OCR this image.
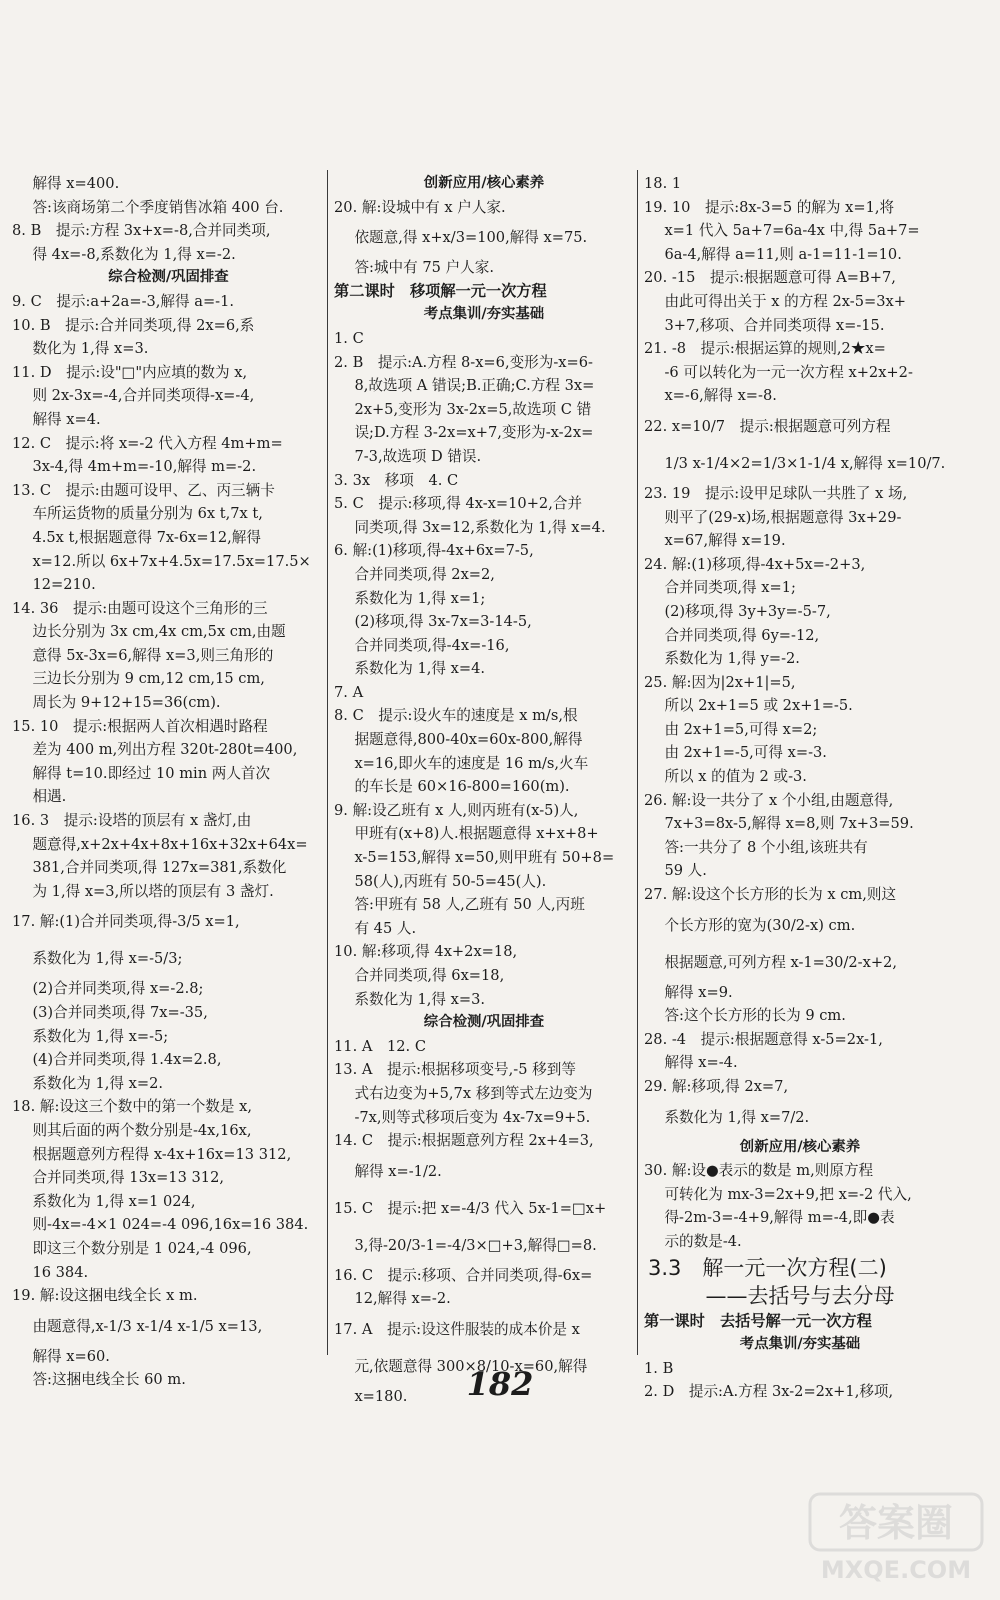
解得 x=400.
答:该商场第二个季度销售冰箱 400 台.
8. B　提示:方程 3x+x=-8,合并同类项,
得 4x=-8,系数化为 1,得 x=-2.
综合检测/巩固排查
9. C　提示:a+2a=-3,解得 a=-1.
10. B　提示:合并同类项,得 2x=6,系
数化为 1,得 x=3.
11. D　提示:设"□"内应填的数为 x,
则 2x-3x=-4,合并同类项得-x=-4,
解得 x=4.
12. C　提示:将 x=-2 代入方程 4m+m=
3x-4,得 4m+m=-10,解得 m=-2.
13. C　提示:由题可设甲、乙、丙三辆卡
车所运货物的质量分别为 6x t,7x t,
4.5x t,根据题意得 7x-6x=12,解得
x=12.所以 6x+7x+4.5x=17.5x=17.5×
12=210.
14. 36　提示:由题可设这个三角形的三
边长分别为 3x cm,4x cm,5x cm,由题
意得 5x-3x=6,解得 x=3,则三角形的
三边长分别为 9 cm,12 cm,15 cm,
周长为 9+12+15=36(cm).
15. 10　提示:根据两人首次相遇时路程
差为 400 m,列出方程 320t-280t=400,
解得 t=10.即经过 10 min 两人首次
相遇.
16. 3　提示:设塔的顶层有 x 盏灯,由
题意得,x+2x+4x+8x+16x+32x+64x=
381,合并同类项,得 127x=381,系数化
为 1,得 x=3,所以塔的顶层有 3 盏灯.
17. 解:(1)合并同类项,得-3/5 x=1,
系数化为 1,得 x=-5/3;
(2)合并同类项,得 x=-2.8;
(3)合并同类项,得 7x=-35,
系数化为 1,得 x=-5;
(4)合并同类项,得 1.4x=2.8,
系数化为 1,得 x=2.
18. 解:设这三个数中的第一个数是 x,
则其后面的两个数分别是-4x,16x,
根据题意列方程得 x-4x+16x=13 312,
合并同类项,得 13x=13 312,
系数化为 1,得 x=1 024,
则-4x=-4×1 024=-4 096,16x=16 384.
即这三个数分别是 1 024,-4 096,
16 384.
19. 解:设这捆电线全长 x m.
由题意得,x-1/3 x-1/4 x-1/5 x=13,
解得 x=60.
答:这捆电线全长 60 m.
创新应用/核心素养
20. 解:设城中有 x 户人家.
依题意,得 x+x/3=100,解得 x=75.
答:城中有 75 户人家.
第二课时　移项解一元一次方程
考点集训/夯实基础
1. C
2. B　提示:A.方程 8-x=6,变形为-x=6-
8,故选项 A 错误;B.正确;C.方程 3x=
2x+5,变形为 3x-2x=5,故选项 C 错
误;D.方程 3-2x=x+7,变形为-x-2x=
7-3,故选项 D 错误.
3. 3x　移项　4. C
5. C　提示:移项,得 4x-x=10+2,合并
同类项,得 3x=12,系数化为 1,得 x=4.
6. 解:(1)移项,得-4x+6x=7-5,
合并同类项,得 2x=2,
系数化为 1,得 x=1;
(2)移项,得 3x-7x=3-14-5,
合并同类项,得-4x=-16,
系数化为 1,得 x=4.
7. A
8. C　提示:设火车的速度是 x m/s,根
据题意得,800-40x=60x-800,解得
x=16,即火车的速度是 16 m/s,火车
的车长是 60×16-800=160(m).
9. 解:设乙班有 x 人,则丙班有(x-5)人,
甲班有(x+8)人.根据题意得 x+x+8+
x-5=153,解得 x=50,则甲班有 50+8=
58(人),丙班有 50-5=45(人).
答:甲班有 58 人,乙班有 50 人,丙班
有 45 人.
10. 解:移项,得 4x+2x=18,
合并同类项,得 6x=18,
系数化为 1,得 x=3.
综合检测/巩固排查
11. A　12. C
13. A　提示:根据移项变号,-5 移到等
式右边变为+5,7x 移到等式左边变为
-7x,则等式移项后变为 4x-7x=9+5.
14. C　提示:根据题意列方程 2x+4=3,
解得 x=-1/2.
15. C　提示:把 x=-4/3 代入 5x-1=□x+
3,得-20/3-1=-4/3×□+3,解得□=8.
16. C　提示:移项、合并同类项,得-6x=
12,解得 x=-2.
17. A　提示:设这件服装的成本价是 x
元,依题意得 300×8/10-x=60,解得
x=180.
18. 1
19. 10　提示:8x-3=5 的解为 x=1,将
x=1 代入 5a+7=6a-4x 中,得 5a+7=
6a-4,解得 a=11,则 a-1=11-1=10.
20. -15　提示:根据题意可得 A=B+7,
由此可得出关于 x 的方程 2x-5=3x+
3+7,移项、合并同类项得 x=-15.
21. -8　提示:根据运算的规则,2★x=
-6 可以转化为一元一次方程 x+2x+2-
x=-6,解得 x=-8.
22. x=10/7　提示:根据题意可列方程
1/3 x-1/4×2=1/3×1-1/4 x,解得 x=10/7.
23. 19　提示:设甲足球队一共胜了 x 场,
则平了(29-x)场,根据题意得 3x+29-
x=67,解得 x=19.
24. 解:(1)移项,得-4x+5x=-2+3,
合并同类项,得 x=1;
(2)移项,得 3y+3y=-5-7,
合并同类项,得 6y=-12,
系数化为 1,得 y=-2.
25. 解:因为|2x+1|=5,
所以 2x+1=5 或 2x+1=-5.
由 2x+1=5,可得 x=2;
由 2x+1=-5,可得 x=-3.
所以 x 的值为 2 或-3.
26. 解:设一共分了 x 个小组,由题意得,
7x+3=8x-5,解得 x=8,则 7x+3=59.
答:一共分了 8 个小组,该班共有
59 人.
27. 解:设这个长方形的长为 x cm,则这
个长方形的宽为(30/2-x) cm.
根据题意,可列方程 x-1=30/2-x+2,
解得 x=9.
答:这个长方形的长为 9 cm.
28. -4　提示:根据题意得 x-5=2x-1,
解得 x=-4.
29. 解:移项,得 2x=7,
系数化为 1,得 x=7/2.
创新应用/核心素养
30. 解:设●表示的数是 m,则原方程
可转化为 mx-3=2x+9,把 x=-2 代入,
得-2m-3=-4+9,解得 m=-4,即●表
示的数是-4.
3.3　解一元一次方程(二)
——去括号与去分母
第一课时　去括号解一元一次方程
考点集训/夯实基础
1. B
2. D　提示:A.方程 3x-2=2x+1,移项,
182
答案圈
MXQE.COM
